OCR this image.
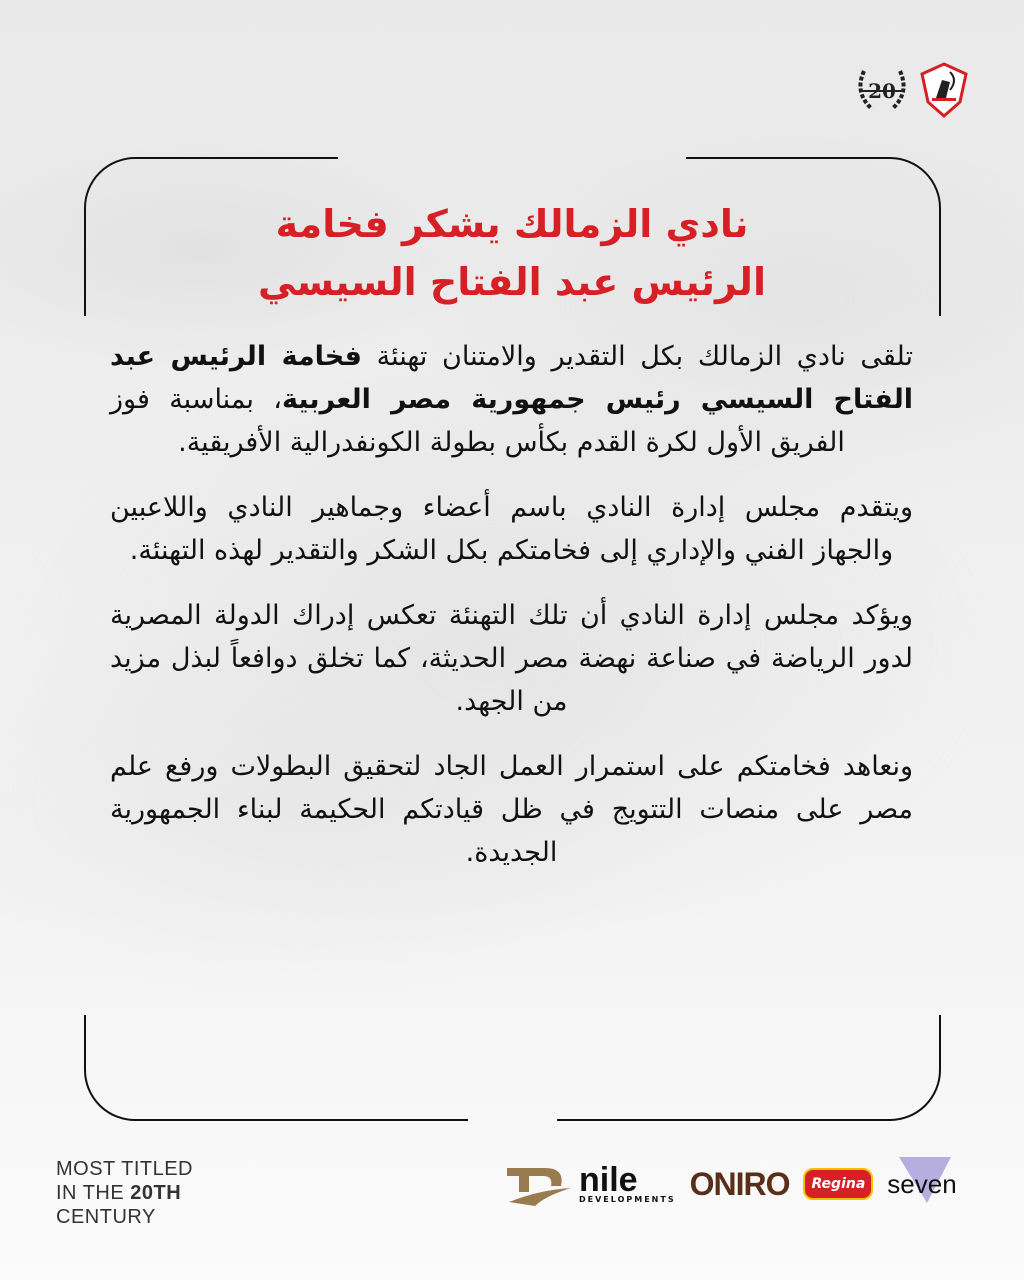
20
نادي الزمالك يشكر فخامة
الرئيس عبد الفتاح السيسي

تلقى نادي الزمالك بكل التقدير والامتنان تهنئة فخامة الرئيس عبد الفتاح السيسي رئيس جمهورية مصر العربية، بمناسبة فوز الفريق الأول لكرة القدم بكأس بطولة الكونفدرالية الأفريقية.

ويتقدم مجلس إدارة النادي باسم أعضاء وجماهير النادي واللاعبين والجهاز الفني والإداري إلى فخامتكم بكل الشكر والتقدير لهذه التهنئة.

ويؤكد مجلس إدارة النادي أن تلك التهنئة تعكس إدراك الدولة المصرية لدور الرياضة في صناعة نهضة مصر الحديثة، كما تخلق دوافعاً لبذل مزيد من الجهد.

ونعاهد فخامتكم على استمرار العمل الجاد لتحقيق البطولات ورفع علم مصر على منصات التتويج في ظل قيادتكم الحكيمة لبناء الجمهورية الجديدة.

MOST TITLED
IN THE 20TH
CENTURY
nile
DEVELOPMENTS ONIRO	Regina seven
